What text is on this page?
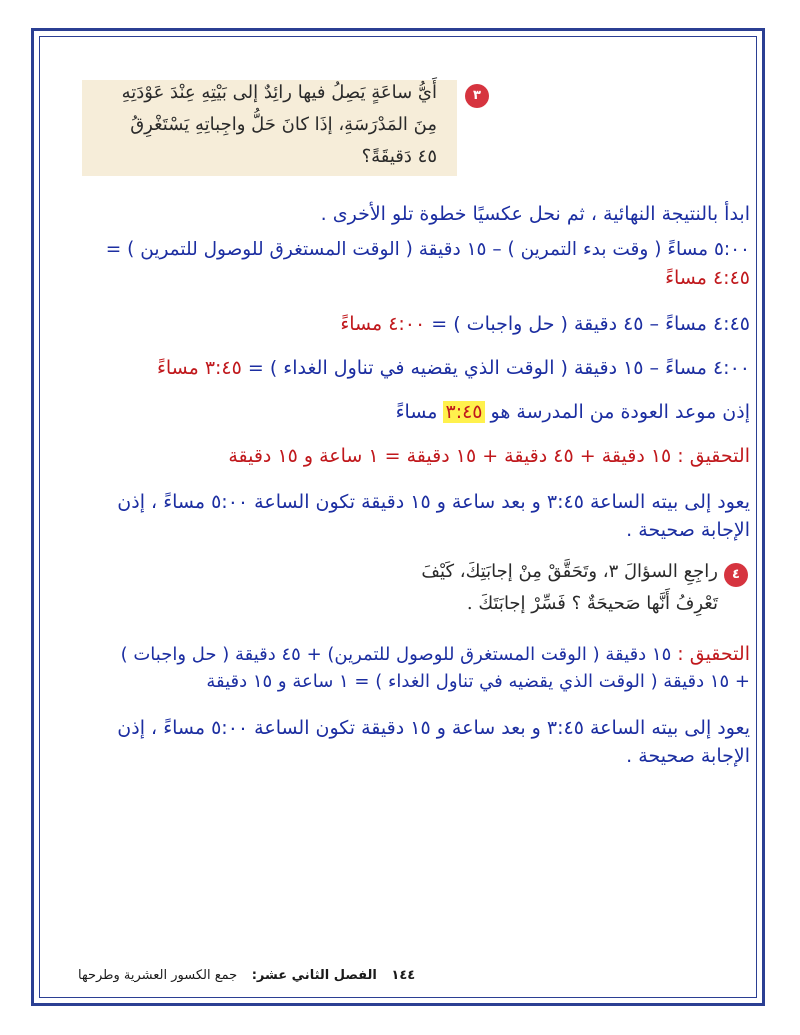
٣
أَيُّ ساعَةٍ يَصِلُ فيها رائِدٌ إلى بَيْتِهِ عِنْدَ عَوْدَتِهِ
مِنَ المَدْرَسَةِ، إذَا كانَ حَلُّ واجِباتِهِ يَسْتَغْرِقُ
٤٥ دَقيقَةً؟
ابدأ بالنتيجة النهائية ، ثم نحل عكسيًا خطوة تلو الأخرى .
٥:٠٠ مساءً ( وقت بدء التمرين ) – ١٥ دقيقة ( الوقت المستغرق للوصول للتمرين ) =
٤:٤٥ مساءً
٤:٤٥ مساءً – ٤٥ دقيقة ( حل واجبات ) = ٤:٠٠ مساءً
٤:٠٠ مساءً – ١٥ دقيقة ( الوقت الذي يقضيه في تناول الغداء ) = ٣:٤٥ مساءً
إذن موعد العودة من المدرسة هو ٣:٤٥ مساءً
التحقيق : ١٥ دقيقة + ٤٥ دقيقة + ١٥ دقيقة = ١ ساعة و ١٥ دقيقة
يعود إلى بيته الساعة ٣:٤٥ و بعد ساعة و ١٥ دقيقة تكون الساعة ٥:٠٠ مساءً ، إذن
الإجابة صحيحة .
٤
راجِعِ السؤالَ ٣، وتَحَقَّقْ مِنْ إجابَتِكَ، كَيْفَ
تَعْرِفُ أَنَّها صَحيحَةٌ ؟ فَسِّرْ إجابَتَكَ .
التحقيق : ١٥ دقيقة ( الوقت المستغرق للوصول للتمرين) + ٤٥ دقيقة ( حل واجبات )
+ ١٥ دقيقة ( الوقت الذي يقضيه في تناول الغداء ) = ١ ساعة و ١٥ دقيقة
يعود إلى بيته الساعة ٣:٤٥ و بعد ساعة و ١٥ دقيقة تكون الساعة ٥:٠٠ مساءً ، إذن
الإجابة صحيحة .
١٤٤ الفصل الثاني عشر: جمع الكسور العشرية وطرحها
